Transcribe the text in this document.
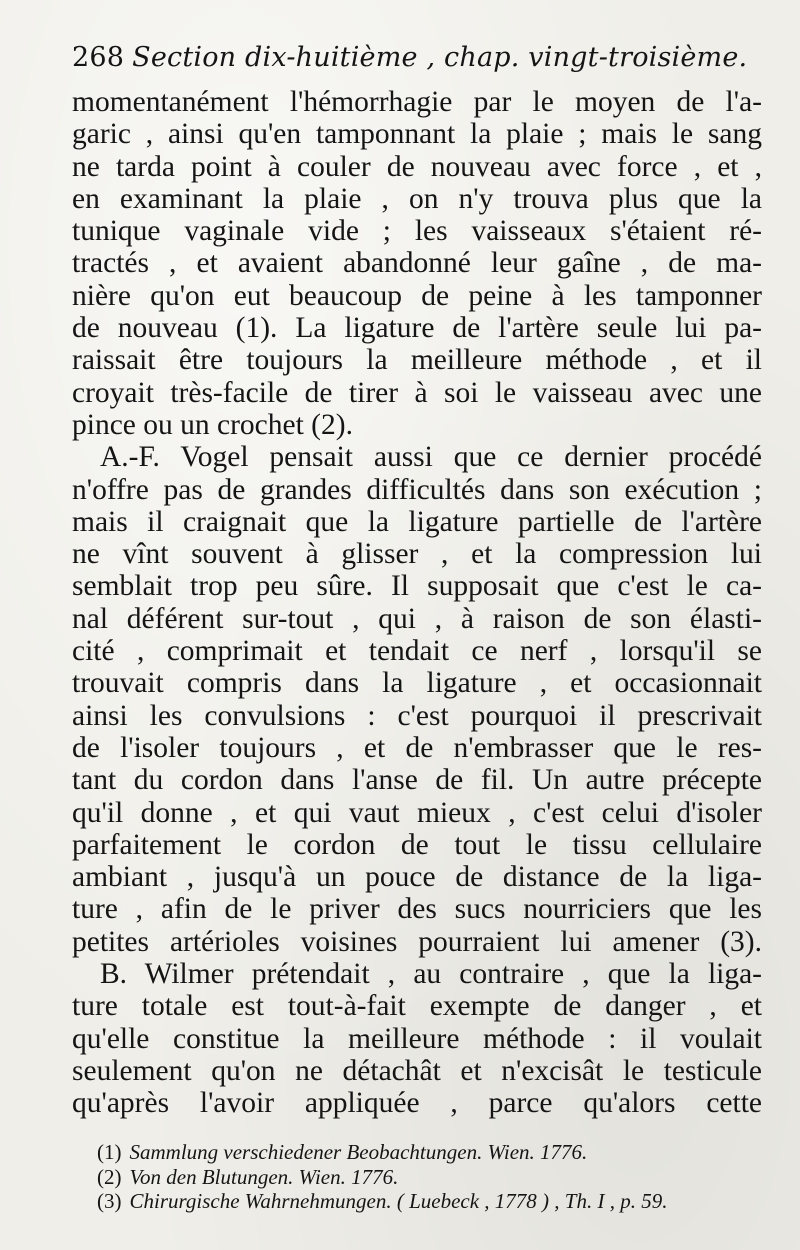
268 Section dix-huitième , chap. vingt-troisième.
momentanément l'hémorrhagie par le moyen de l'a-
garic , ainsi qu'en tamponnant la plaie ; mais le sang
ne tarda point à couler de nouveau avec force , et ,
en examinant la plaie , on n'y trouva plus que la
tunique vaginale vide ; les vaisseaux s'étaient ré-
tractés , et avaient abandonné leur gaîne , de ma-
nière qu'on eut beaucoup de peine à les tamponner
de nouveau (1). La ligature de l'artère seule lui pa-
raissait être toujours la meilleure méthode , et il
croyait très-facile de tirer à soi le vaisseau avec une
pince ou un crochet (2).
A.-F. Vogel pensait aussi que ce dernier procédé
n'offre pas de grandes difficultés dans son exécution ;
mais il craignait que la ligature partielle de l'artère
ne vînt souvent à glisser , et la compression lui
semblait trop peu sûre. Il supposait que c'est le ca-
nal déférent sur-tout , qui , à raison de son élasti-
cité , comprimait et tendait ce nerf , lorsqu'il se
trouvait compris dans la ligature , et occasionnait
ainsi les convulsions : c'est pourquoi il prescrivait
de l'isoler toujours , et de n'embrasser que le res-
tant du cordon dans l'anse de fil. Un autre précepte
qu'il donne , et qui vaut mieux , c'est celui d'isoler
parfaitement le cordon de tout le tissu cellulaire
ambiant , jusqu'à un pouce de distance de la liga-
ture , afin de le priver des sucs nourriciers que les
petites artérioles voisines pourraient lui amener (3).
B. Wilmer prétendait , au contraire , que la liga-
ture totale est tout-à-fait exempte de danger , et
qu'elle constitue la meilleure méthode : il voulait
seulement qu'on ne détachât et n'excisât le testicule
qu'après l'avoir appliquée , parce qu'alors cette
(1) Sammlung verschiedener Beobachtungen. Wien. 1776.
(2) Von den Blutungen. Wien. 1776.
(3) Chirurgische Wahrnehmungen. ( Luebeck , 1778 ) , Th. I , p. 59.
